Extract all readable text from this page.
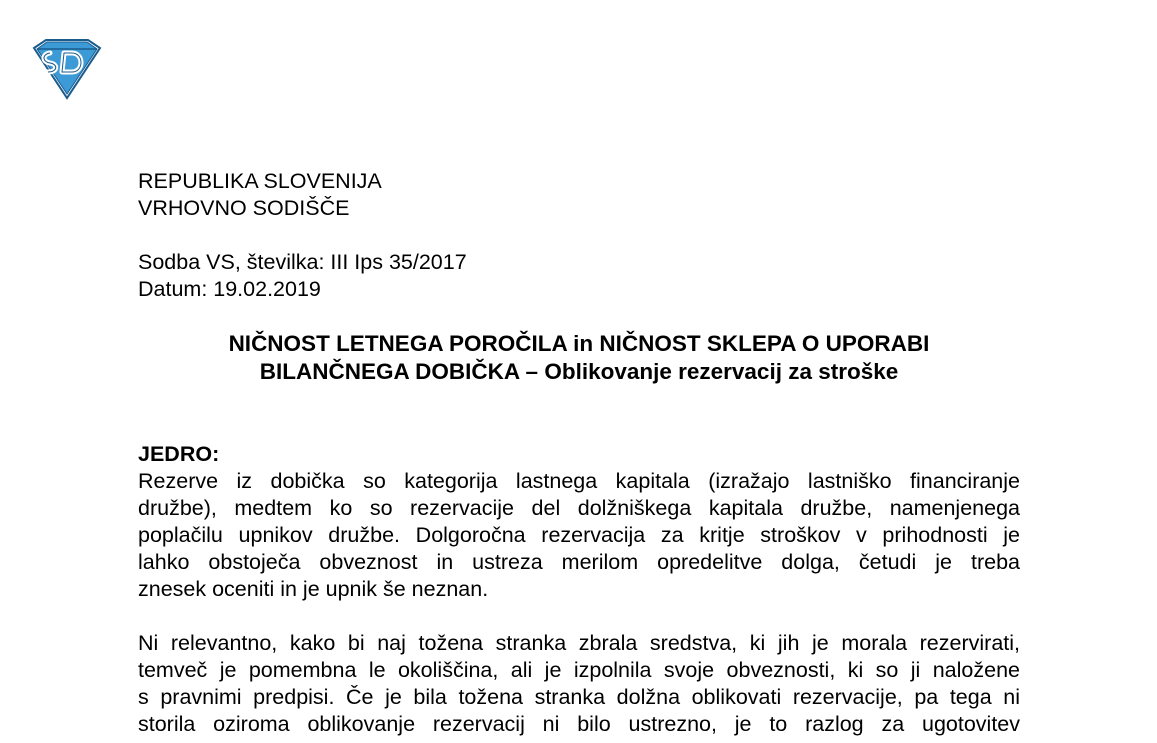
REPUBLIKA SLOVENIJA

VRHOVNO SODIŠČE

Sodba VS, številka: III Ips 35/2017

Datum: 19.02.2019

NIČNOST LETNEGA POROČILA in NIČNOST SKLEPA O UPORABI
BILANČNEGA DOBIČKA – Oblikovanje rezervacij za stroške
JEDRO:
Rezerve iz dobička so kategorija lastnega kapitala (izražajo lastniško financiranje
družbe), medtem ko so rezervacije del dolžniškega kapitala družbe, namenjenega
poplačilu upnikov družbe. Dolgoročna rezervacija za kritje stroškov v prihodnosti je
lahko obstoječa obveznost in ustreza merilom opredelitve dolga, četudi je treba
znesek oceniti in je upnik še neznan.
Ni relevantno, kako bi naj tožena stranka zbrala sredstva, ki jih je morala rezervirati,
temveč je pomembna le okoliščina, ali je izpolnila svoje obveznosti, ki so ji naložene
s pravnimi predpisi. Če je bila tožena stranka dolžna oblikovati rezervacije, pa tega ni
storila oziroma oblikovanje rezervacij ni bilo ustrezno, je to razlog za ugotovitev
